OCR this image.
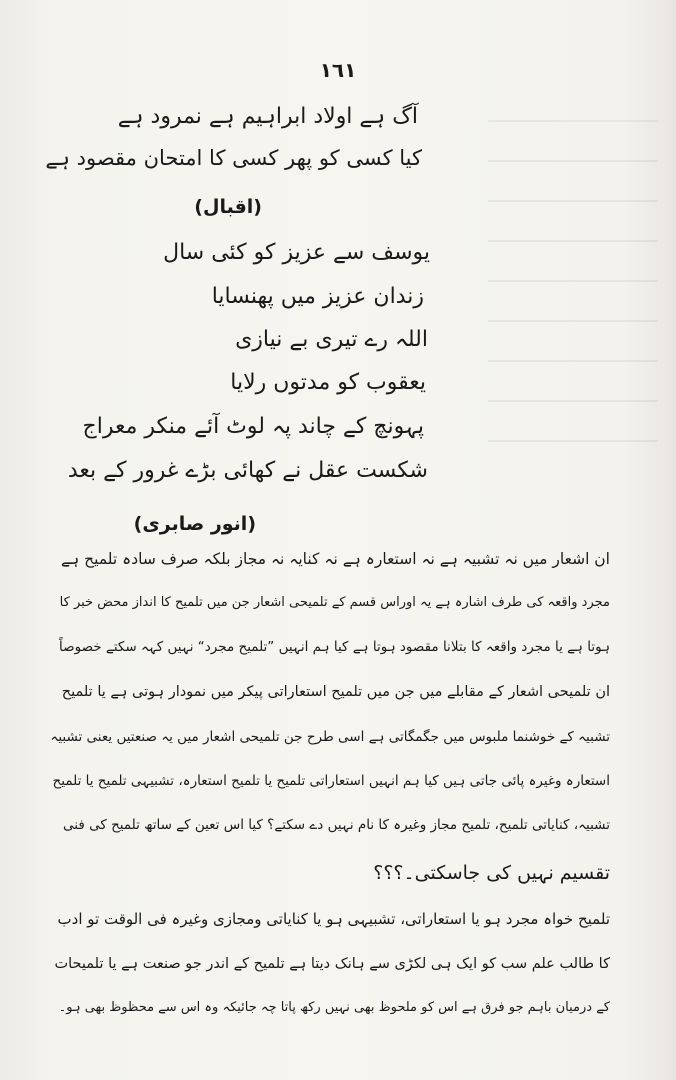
١٦١
آگ ہے اولاد ابراہیم ہے نمرود ہے
کیا کسی کو پھر کسی کا امتحان مقصود ہے
(اقبال)
یوسف سے عزیز کو کئی سال
زندان عزیز میں پھنسایا
اللہ رے تیری بے نیازی
یعقوب کو مدتوں رلایا
پہونچ کے چاند پہ لوٹ آئے منکر معراج
شکست عقل نے کھائی بڑے غرور کے بعد
(انور صابری)
ان اشعار میں نہ تشبیہ ہے نہ استعارہ ہے نہ کنایہ نہ مجاز بلکہ صرف سادہ تلمیح ہے
مجرد واقعہ کی طرف اشارہ ہے یہ اوراس قسم کے تلمیحی اشعار جن میں تلمیح کا انداز محض خبر کا
ہوتا ہے یا مجرد واقعہ کا بتلانا مقصود ہوتا ہے کیا ہم انہیں ”تلمیح مجرد“ نہیں کہہ سکتے خصوصاً
ان تلمیحی اشعار کے مقابلے میں جن میں تلمیح استعاراتی پیکر میں نمودار ہوتی ہے یا تلمیح
تشبیہ کے خوشنما ملبوس میں جگمگاتی ہے اسی طرح جن تلمیحی اشعار میں یہ صنعتیں یعنی تشبیہ
استعارہ وغیرہ پائی جاتی ہیں کیا ہم انہیں استعاراتی تلمیح یا تلمیح استعارہ، تشبیہی تلمیح یا تلمیح
تشبیہ، کنایاتی تلمیح، تلمیح مجاز وغیرہ کا نام نہیں دے سکتے؟ کیا اس تعین کے ساتھ تلمیح کی فنی
تقسیم نہیں کی جاسکتی۔؟؟؟
تلمیح خواہ مجرد ہو یا استعاراتی، تشبیہی ہو یا کنایاتی ومجازی وغیرہ فی الوقت تو ادب
کا طالب علم سب کو ایک ہی لکڑی سے ہانک دیتا ہے تلمیح کے اندر جو صنعت ہے یا تلمیحات
کے درمیان باہم جو فرق ہے اس کو ملحوظ بھی نہیں رکھ پاتا چہ جائیکہ وہ اس سے محظوظ بھی ہو۔
